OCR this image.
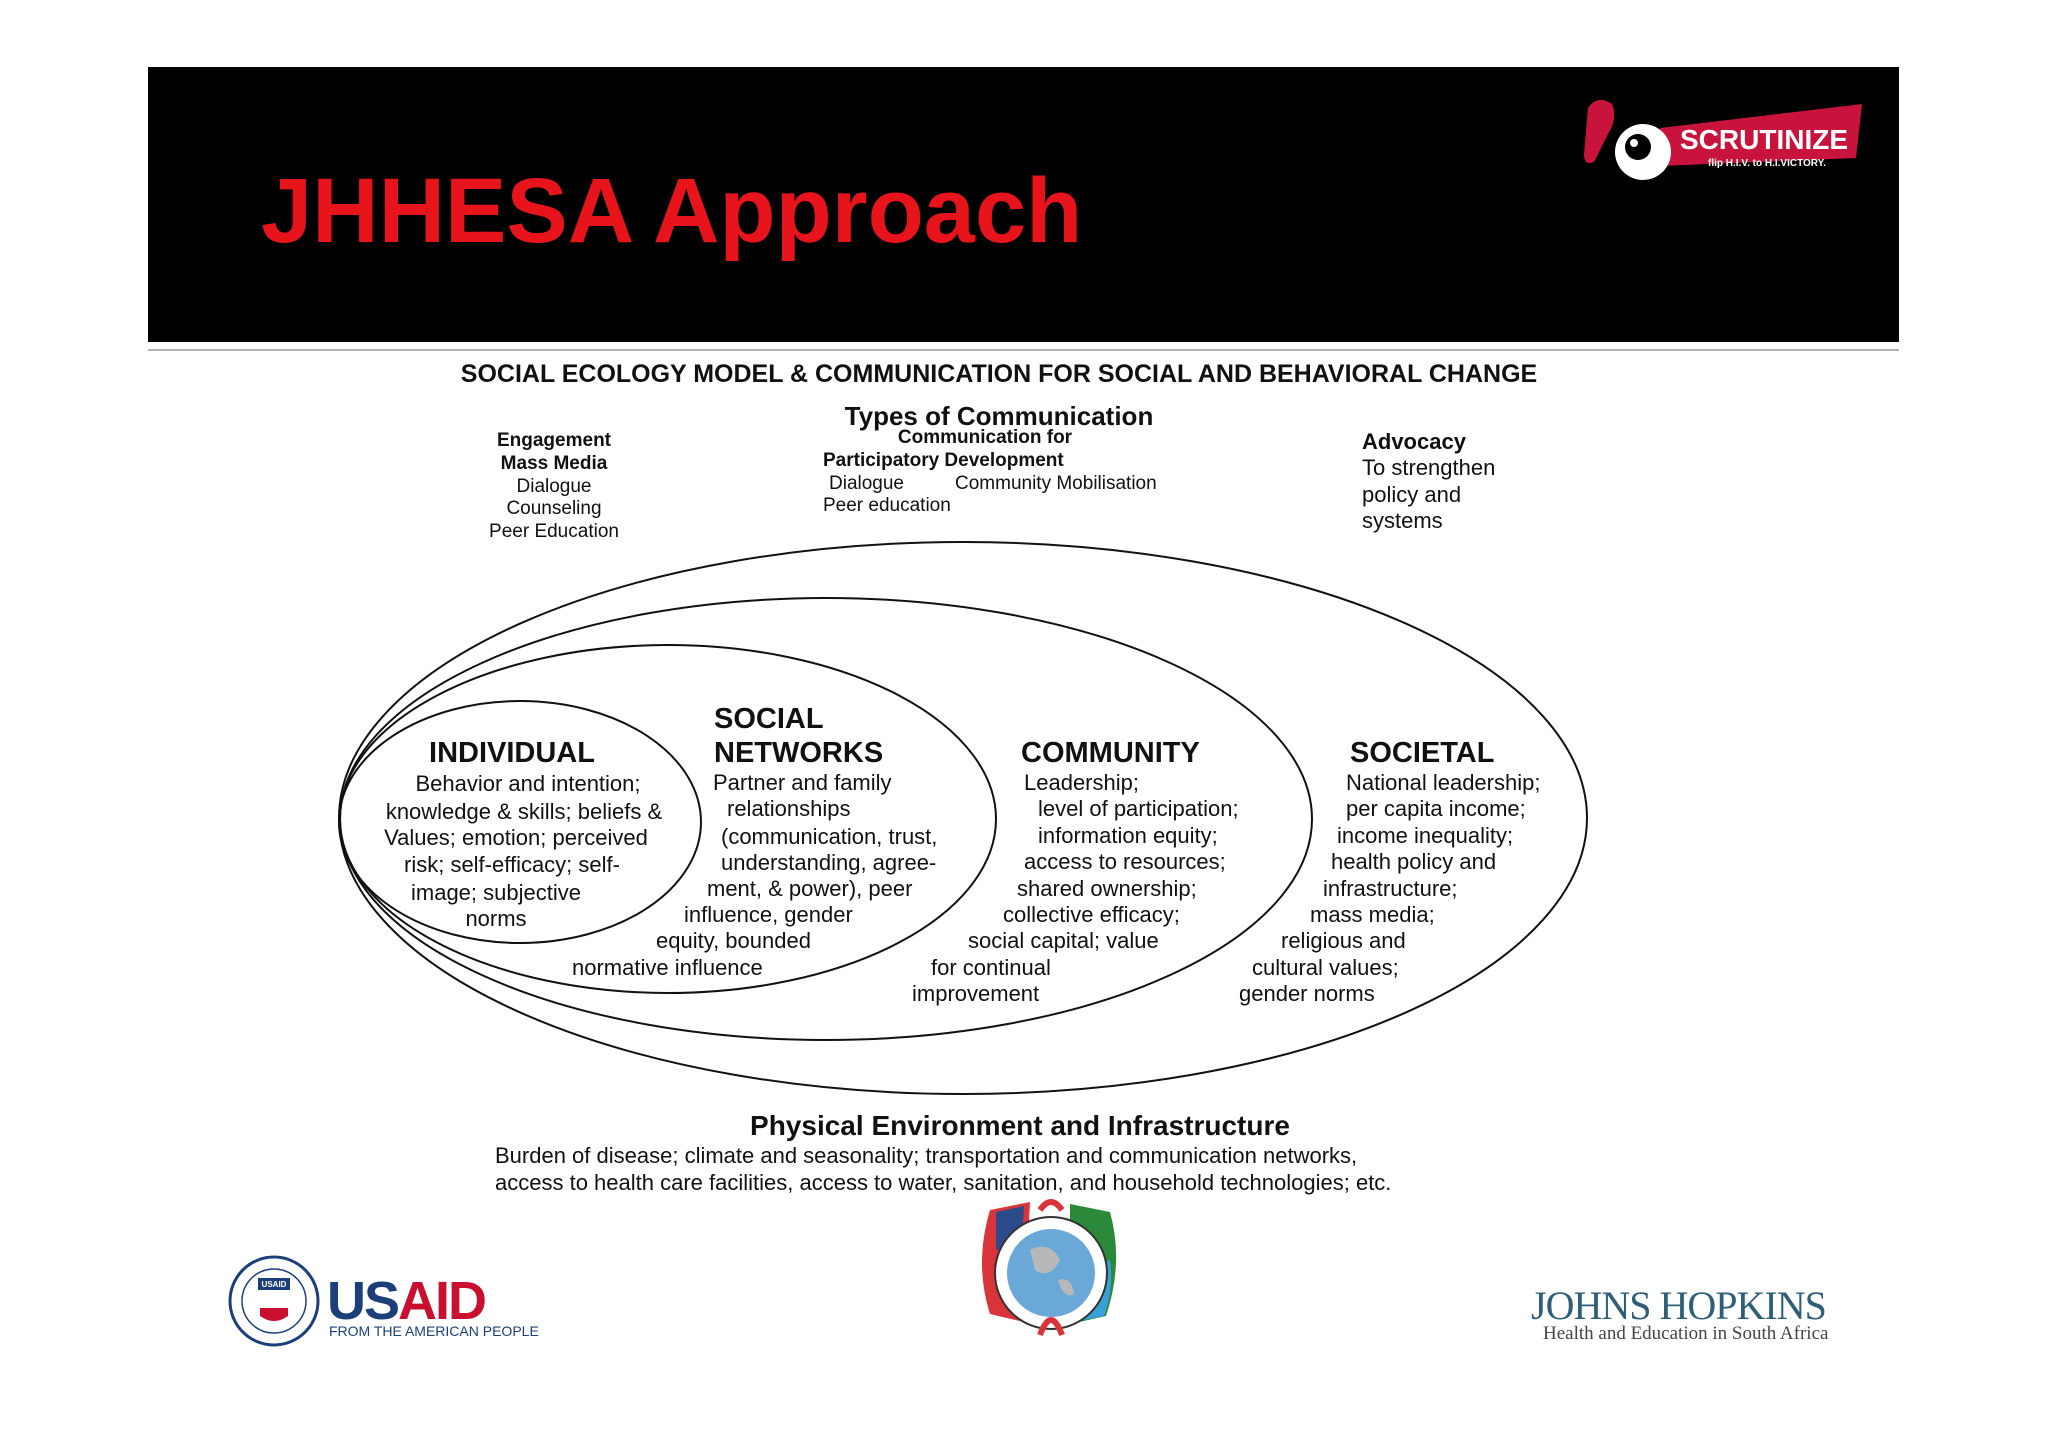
JHHESA Approach
SCRUTINIZE
flip H.I.V. to H.I.VICTORY.
SOCIAL ECOLOGY MODEL & COMMUNICATION FOR SOCIAL AND BEHAVIORAL CHANGE
Types of Communication
Engagement
Mass Media
Dialogue
Counseling
Peer Education
Communication for
Participatory Development
Dialogue	Community Mobilisation
Peer education
Advocacy
To strengthen
policy and
systems
INDIVIDUAL
Behavior and intention;
knowledge & skills; beliefs &
Values; emotion; perceived
risk; self-efficacy; self-
image; subjective
norms
SOCIAL
NETWORKS
Partner and family
relationships
(communication, trust,
understanding, agree-
ment, & power), peer
influence, gender
equity, bounded
normative influence
COMMUNITY
Leadership;
level of participation;
information equity;
access to resources;
shared ownership;
collective efficacy;
social capital; value
for continual
improvement
SOCIETAL
National leadership;
per capita income;
income inequality;
health policy and
infrastructure;
mass media;
religious and
cultural values;
gender norms
Physical Environment and Infrastructure
Burden of disease; climate and seasonality; transportation and communication networks,
access to health care facilities, access to water, sanitation, and household technologies; etc.
USAID USAID
FROM THE AMERICAN PEOPLE
JOHNS HOPKINS
Health and Education in South Africa
